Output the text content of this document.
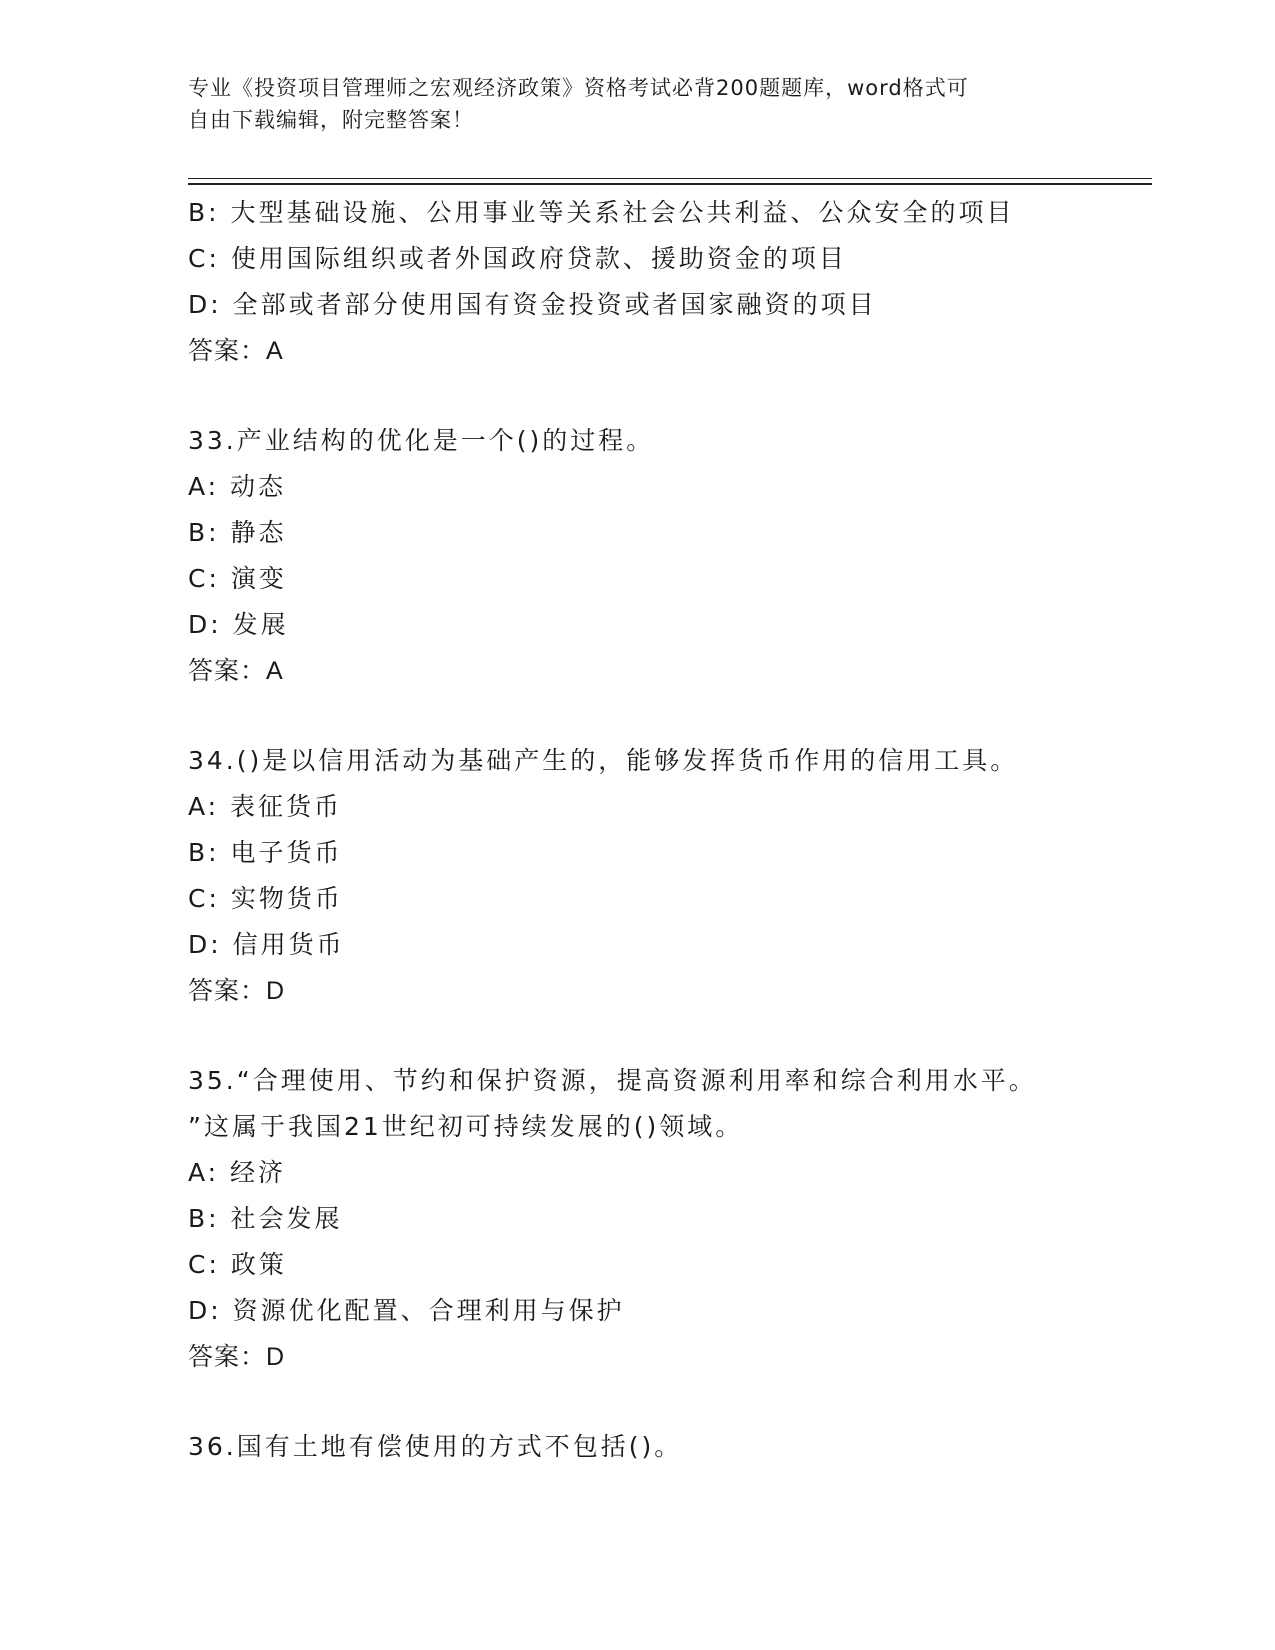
专业《投资项目管理师之宏观经济政策》资格考试必背200题题库，word格式可
自由下载编辑，附完整答案！
B: 大型基础设施、公用事业等关系社会公共利益、公众安全的项目
C: 使用国际组织或者外国政府贷款、援助资金的项目
D: 全部或者部分使用国有资金投资或者国家融资的项目
答案：A
33.产业结构的优化是一个()的过程。
A: 动态
B: 静态
C: 演变
D: 发展
答案：A
34.()是以信用活动为基础产生的，能够发挥货币作用的信用工具。
A: 表征货币
B: 电子货币
C: 实物货币
D: 信用货币
答案：D
35.“合理使用、节约和保护资源，提高资源利用率和综合利用水平。
”这属于我国21世纪初可持续发展的()领域。
A: 经济
B: 社会发展
C: 政策
D: 资源优化配置、合理利用与保护
答案：D
36.国有土地有偿使用的方式不包括()。
